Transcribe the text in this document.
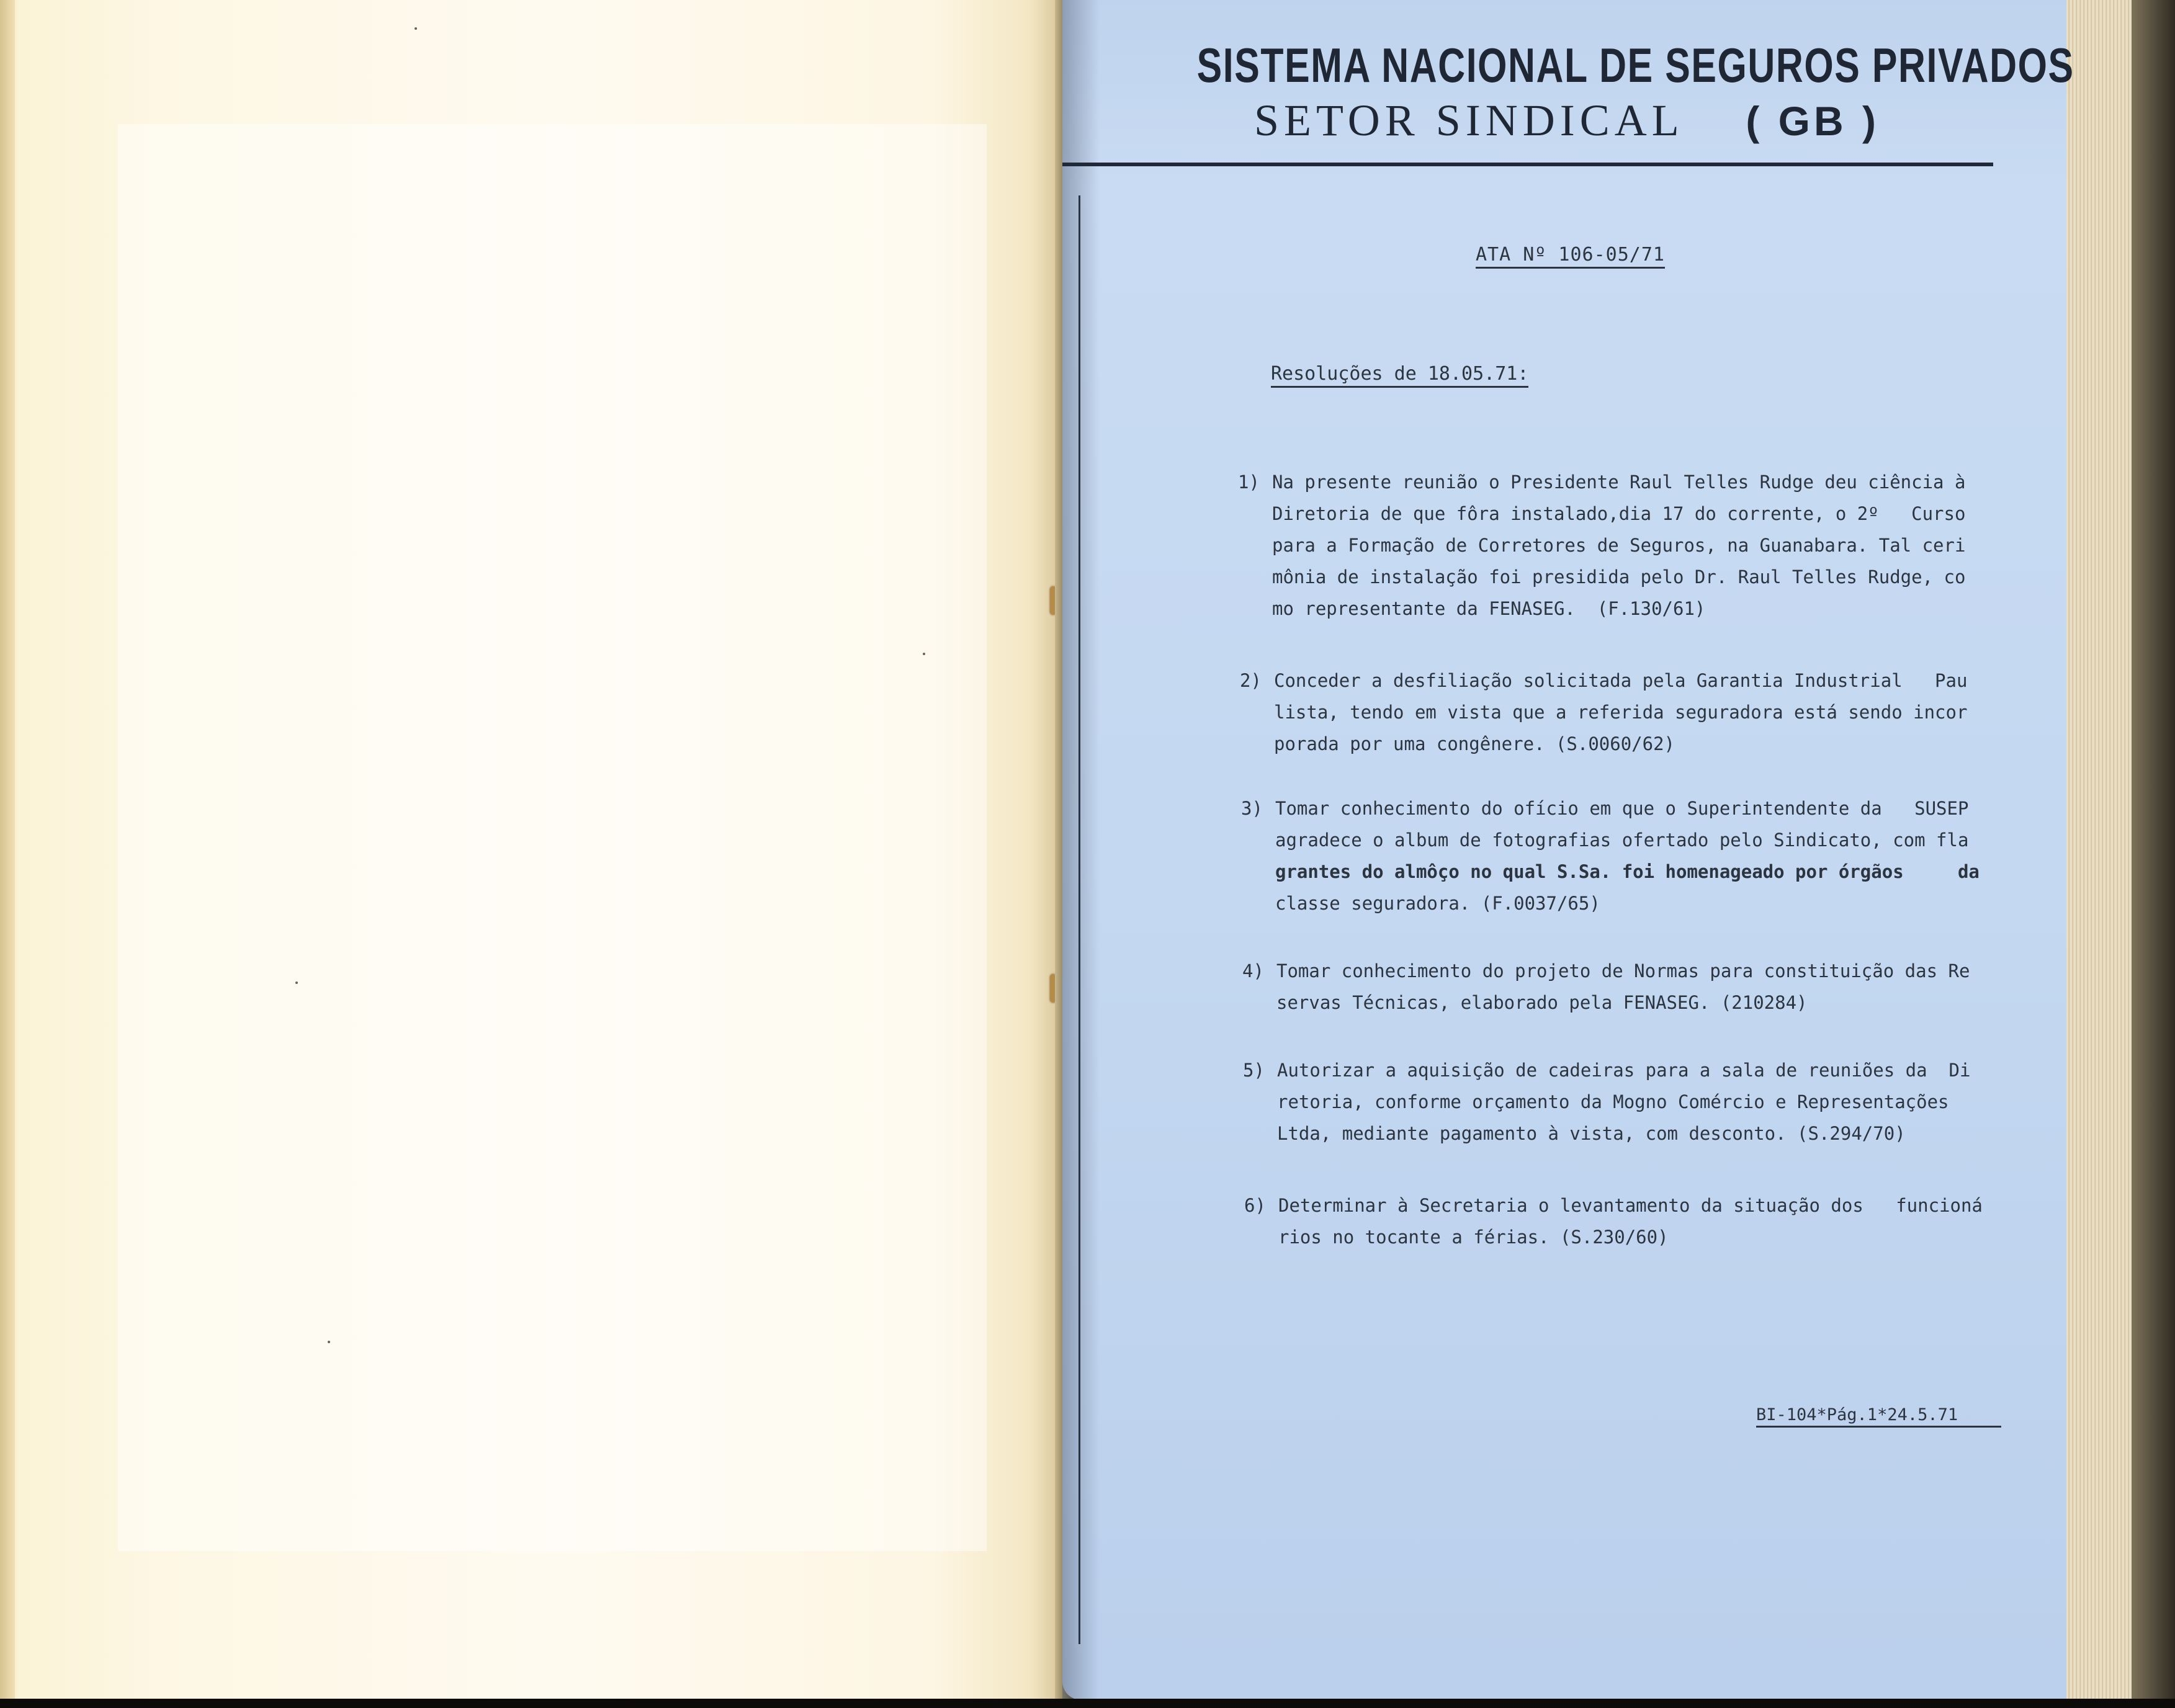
SISTEMA NACIONAL DE SEGUROS PRIVADOS
SETOR SINDICAL ( GB )
ATA Nº 106-05/71
Resoluções de 18.05.71:
1) Na presente reunião o Presidente Raul Telles Rudge deu ciência à
Diretoria de que fôra instalado,dia 17 do corrente, o 2º   Curso
para a Formação de Corretores de Seguros, na Guanabara. Tal ceri
mônia de instalação foi presidida pelo Dr. Raul Telles Rudge, co
mo representante da FENASEG.  (F.130/61)
2) Conceder a desfiliação solicitada pela Garantia Industrial   Pau
lista, tendo em vista que a referida seguradora está sendo incor
porada por uma congênere. (S.0060/62)
3) Tomar conhecimento do ofício em que o Superintendente da   SUSEP
agradece o album de fotografias ofertado pelo Sindicato, com fla
grantes do almôço no qual S.Sa. foi homenageado por órgãos     da
classe seguradora. (F.0037/65)
4) Tomar conhecimento do projeto de Normas para constituição das Re
servas Técnicas, elaborado pela FENASEG. (210284)
5) Autorizar a aquisição de cadeiras para a sala de reuniões da  Di
retoria, conforme orçamento da Mogno Comércio e Representações
Ltda, mediante pagamento à vista, com desconto. (S.294/70)
6) Determinar à Secretaria o levantamento da situação dos   funcioná
rios no tocante a férias. (S.230/60)
BI-104*Pág.1*24.5.71
